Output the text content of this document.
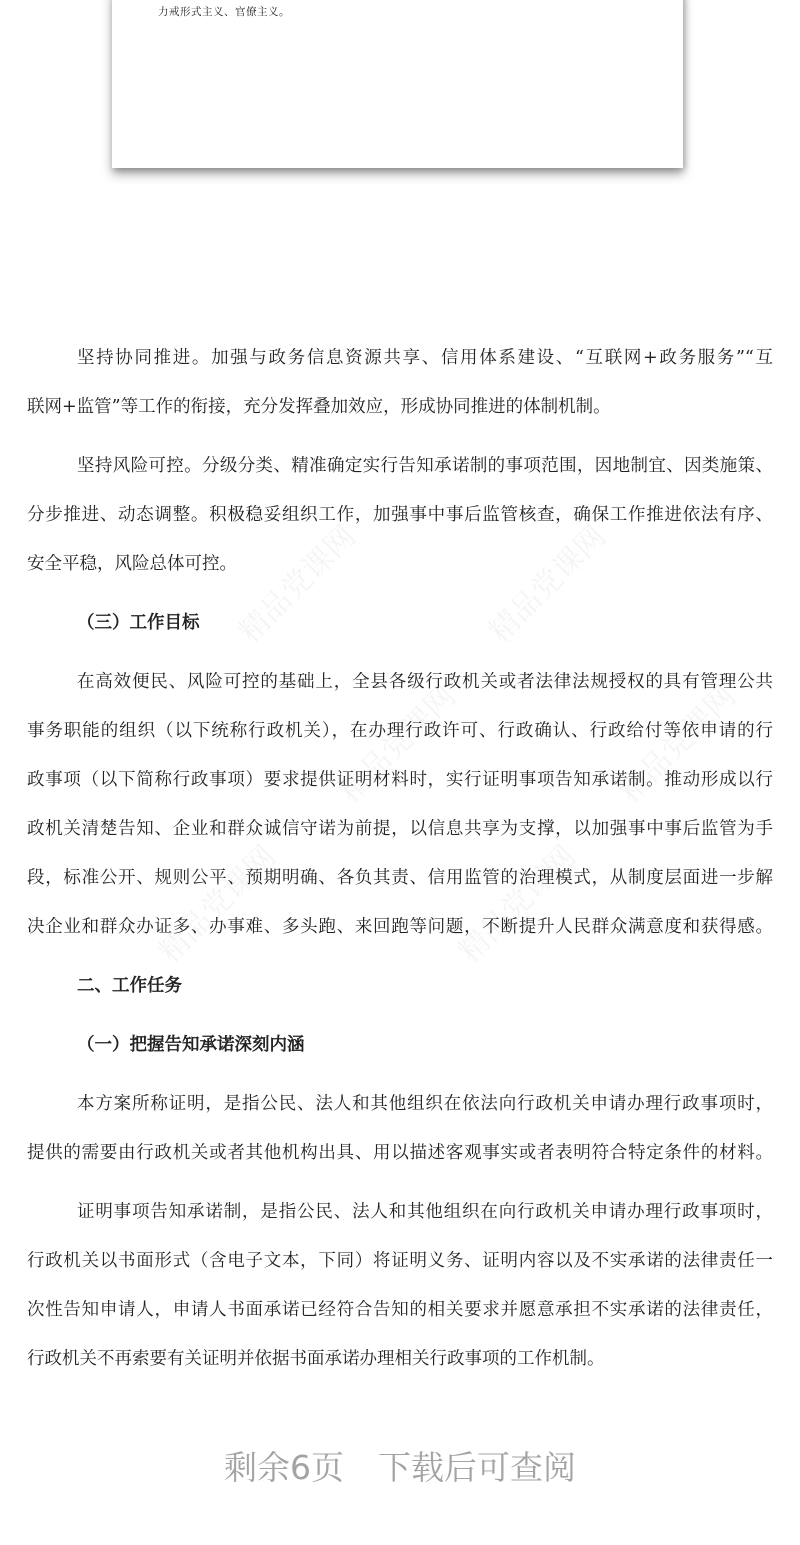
力戒形式主义、官僚主义。
坚持协同推进。加强与政务信息资源共享、信用体系建设、“互联网+政务服务”“互
联网+监管”等工作的衔接，充分发挥叠加效应，形成协同推进的体制机制。
坚持风险可控。分级分类、精准确定实行告知承诺制的事项范围，因地制宜、因类施策、
分步推进、动态调整。积极稳妥组织工作，加强事中事后监管核查，确保工作推进依法有序、
安全平稳，风险总体可控。
（三）工作目标
在高效便民、风险可控的基础上，全县各级行政机关或者法律法规授权的具有管理公共
事务职能的组织（以下统称行政机关），在办理行政许可、行政确认、行政给付等依申请的行
政事项（以下简称行政事项）要求提供证明材料时，实行证明事项告知承诺制。推动形成以行
政机关清楚告知、企业和群众诚信守诺为前提，以信息共享为支撑，以加强事中事后监管为手
段，标准公开、规则公平、预期明确、各负其责、信用监管的治理模式，从制度层面进一步解
决企业和群众办证多、办事难、多头跑、来回跑等问题，不断提升人民群众满意度和获得感。
二、工作任务
（一）把握告知承诺深刻内涵
本方案所称证明，是指公民、法人和其他组织在依法向行政机关申请办理行政事项时，
提供的需要由行政机关或者其他机构出具、用以描述客观事实或者表明符合特定条件的材料。
证明事项告知承诺制，是指公民、法人和其他组织在向行政机关申请办理行政事项时，
行政机关以书面形式（含电子文本，下同）将证明义务、证明内容以及不实承诺的法律责任一
次性告知申请人，申请人书面承诺已经符合告知的相关要求并愿意承担不实承诺的法律责任，
行政机关不再索要有关证明并依据书面承诺办理相关行政事项的工作机制。
剩余6页 下载后可查阅
